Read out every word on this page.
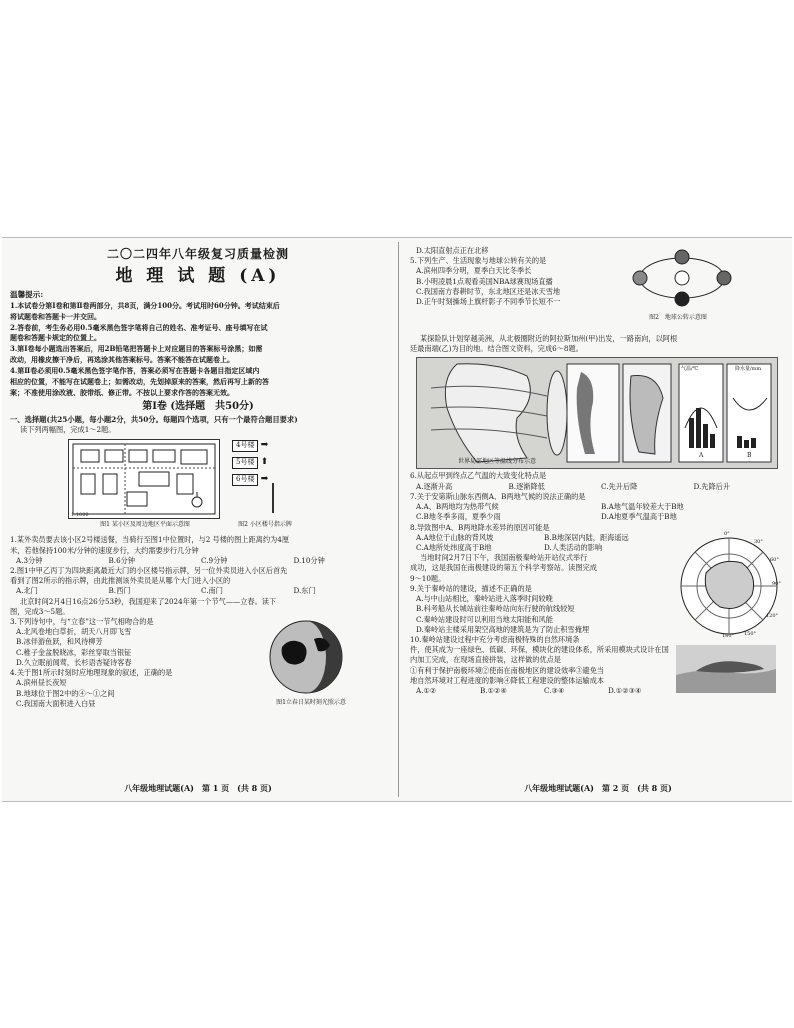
二〇二四年八年级复习质量检测
地 理 试 题 (A)
温馨提示:
1.本试卷分第Ⅰ卷和第Ⅱ卷两部分，共8页，满分100分。考试用时60分钟。考试结束后
将试题卷和答题卡一并交回。
2.答卷前，考生务必用0.5毫米黑色签字笔将自己的姓名、准考证号、座号填写在试
题卷和答题卡规定的位置上。
3.第Ⅰ卷每小题选出答案后，用2B铅笔把答题卡上对应题目的答案标号涂黑；如需
改动，用橡皮擦干净后，再选涂其他答案标号。答案不能答在试题卷上。
4.第Ⅱ卷必须用0.5毫米黑色签字笔作答，答案必须写在答题卡各题目指定区域内
相应的位置，不能写在试题卷上；如需改动，先划掉原来的答案，然后再写上新的答
案；不准使用涂改液、胶带纸、修正带。不按以上要求作答的答案无效。
第Ⅰ卷 (选择题　共50分)
一、选择题(共25小题，每小题2分，共50分。每题四个选项，只有一个最符合题目要求)
读下列两幅图，完成1～2题。
1:1000
4号楼 ➡
5号楼 ⬆
6号楼 ➡
图1 某小区及周边地区平面示意图	图2 小区楼号指示牌
1.某外卖员要去该小区2号楼送餐，当骑行至图1中位置时，与2 号楼的图上距离约为4厘
米，若他保持100米/分钟的速度步行，大约需要步行几分钟
A.3分钟	B.6分钟	C.9分钟	D.10分钟
2.图1中甲乙丙丁为四块距离最近大门的小区楼号指示牌，另一位外卖员进入小区后首先
看到了图2所示的指示牌，由此推测该外卖员是从哪个大门进入小区的
A.北门	B.西门	C.南门	D.东门
北京时间2月4日16点26分53秒，我国迎来了2024年第一个节气——立春。读下
图，完成3～5题。
3.下列诗句中，与“立春”这一节气相吻合的是
A.北风卷地白草折，胡天八月即飞雪
B.冰伴游鱼跃，和风待柳芳
C.稚子金盆脱晓冰，彩丝穿取当银钲
D.久立眠前闻莺，长杉语杏疑诗客春
4.关于图1所示时刻时应地理现象的叙述，正确的是
A.滨州昼长夜短
B.地球位于图2中的④～①之间
C.我国南大面积进入白昼	图1立春日某时刻光照示意
八年级地理试题(A)　第 1 页　(共 8 页)
D.太阳直射点正在北移
5.下列生产、生活现象与地球公转有关的是
A.滨州四季分明，夏季白天比冬季长
B.小明凌晨1点观看美国NBA球赛现场直播
C.我国南方春耕时节，东北地区还是冰天雪地
D.正午时刻操场上旗杆影子不同季节长短不一
图2　地球公转示意图
某探险队计划穿越美洲，从北极圈附近的阿拉斯加州(甲)出发，一路南向，以阿根
廷最南端(乙)为目的地。结合图文资料，完成6～8题。
世界局部地区等温线分布示意
气温/℃	降水量/mm
A	B
6.从起点甲到终点乙气温的大致变化特点是
A.逐渐升高	B.逐渐降低	C.先升后降	D.先降后升
7.关于安第斯山脉东西侧A、B两地气候的说法正确的是
A.A、B两地均为热带气候	B.A地气温年较差大于B地
C.B地冬季多雨，夏季少雨	D.A地夏季气温高于B地
8.导致图中A、B两地降水差异的原因可能是
A.A地位于山脉的背风坡	B.B地深居内陆，距海遥远
C.A地所处纬度高于B地	D.人类活动的影响
当地时间2月7日下午，我国南极秦岭站开站仪式举行
成功，这是我国在南极建设的第五个科学考察站。读图完成
9～10题。
9.关于秦岭站的建设，描述不正确的是
A.与中山站相比，秦岭站进入落季时间较晚
B.科考船从长城站前往秦岭站向东行驶的航线较短
C.秦岭站建设时可以利用当地太阳能和风能
D.秦岭站主楼采用架空高地的建筑是为了防止积雪掩埋
10.秦岭站建设过程中充分考虑南极特殊的自然环境条
0°
30°
60°
90°
120°
150°
180°
件，使其成为一座绿色、低碳、环保，模块化的建设体系，所采用模块式设计在国
内加工完成，在现场直接拼装，这样做的优点是
①有利于保护南极环境②使南在南极地区的建设效率③避免当
地自然环境对工程进度的影响④降低工程建设的整体运输成本
A.①②	B.①②④	C.③④	D.①②③④
八年级地理试题(A)　第 2 页　(共 8 页)
